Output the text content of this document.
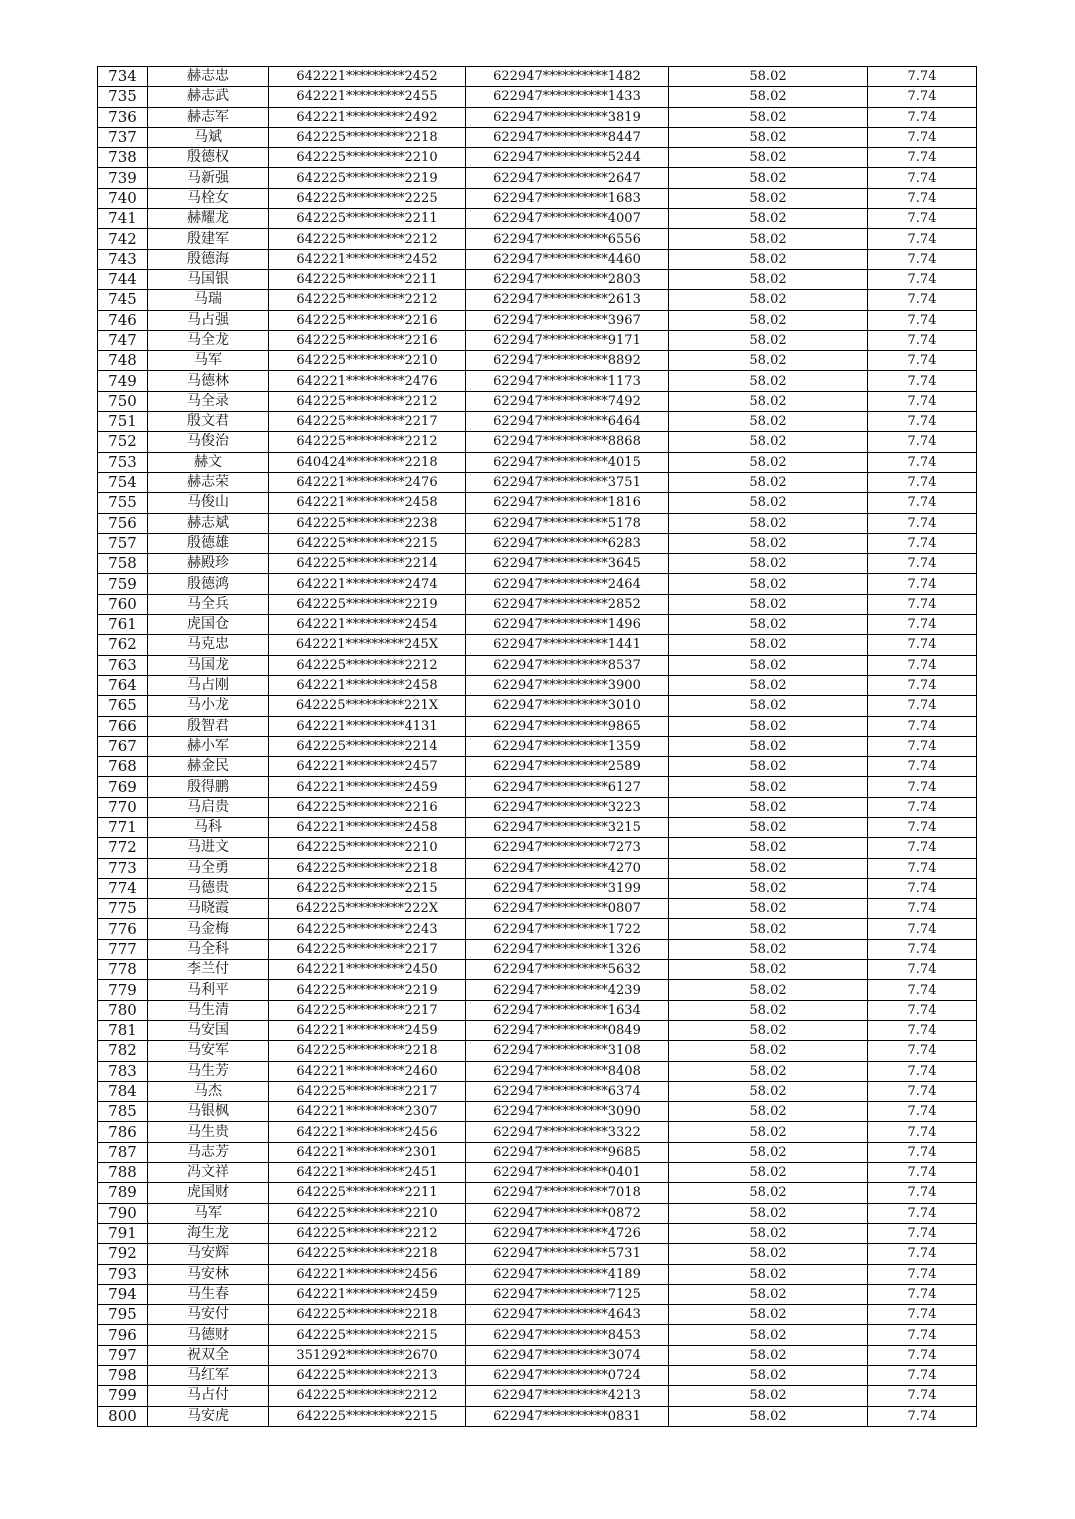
734	赫志忠	642221*********2452	622947**********1482	58.02	7.74
735	赫志武	642221*********2455	622947**********1433	58.02	7.74
736	赫志军	642221*********2492	622947**********3819	58.02	7.74
737	马斌	642225*********2218	622947**********8447	58.02	7.74
738	殷德权	642225*********2210	622947**********5244	58.02	7.74
739	马新强	642225*********2219	622947**********2647	58.02	7.74
740	马栓女	642225*********2225	622947**********1683	58.02	7.74
741	赫耀龙	642225*********2211	622947**********4007	58.02	7.74
742	殷建军	642225*********2212	622947**********6556	58.02	7.74
743	殷德海	642221*********2452	622947**********4460	58.02	7.74
744	马国银	642225*********2211	622947**********2803	58.02	7.74
745	马瑞	642225*********2212	622947**********2613	58.02	7.74
746	马占强	642225*********2216	622947**********3967	58.02	7.74
747	马全龙	642225*********2216	622947**********9171	58.02	7.74
748	马军	642225*********2210	622947**********8892	58.02	7.74
749	马德林	642221*********2476	622947**********1173	58.02	7.74
750	马全录	642225*********2212	622947**********7492	58.02	7.74
751	殷文君	642225*********2217	622947**********6464	58.02	7.74
752	马俊治	642225*********2212	622947**********8868	58.02	7.74
753	赫文	640424*********2218	622947**********4015	58.02	7.74
754	赫志荣	642221*********2476	622947**********3751	58.02	7.74
755	马俊山	642221*********2458	622947**********1816	58.02	7.74
756	赫志斌	642225*********2238	622947**********5178	58.02	7.74
757	殷德雄	642225*********2215	622947**********6283	58.02	7.74
758	赫殿珍	642225*********2214	622947**********3645	58.02	7.74
759	殷德鸿	642221*********2474	622947**********2464	58.02	7.74
760	马全兵	642225*********2219	622947**********2852	58.02	7.74
761	虎国仓	642221*********2454	622947**********1496	58.02	7.74
762	马克忠	642221*********245X	622947**********1441	58.02	7.74
763	马国龙	642225*********2212	622947**********8537	58.02	7.74
764	马占刚	642221*********2458	622947**********3900	58.02	7.74
765	马小龙	642225*********221X	622947**********3010	58.02	7.74
766	殷智君	642221*********4131	622947**********9865	58.02	7.74
767	赫小军	642225*********2214	622947**********1359	58.02	7.74
768	赫金民	642221*********2457	622947**********2589	58.02	7.74
769	殷得鹏	642221*********2459	622947**********6127	58.02	7.74
770	马启贵	642225*********2216	622947**********3223	58.02	7.74
771	马科	642221*********2458	622947**********3215	58.02	7.74
772	马进文	642225*********2210	622947**********7273	58.02	7.74
773	马全勇	642225*********2218	622947**********4270	58.02	7.74
774	马德贵	642225*********2215	622947**********3199	58.02	7.74
775	马晓霞	642225*********222X	622947**********0807	58.02	7.74
776	马金梅	642225*********2243	622947**********1722	58.02	7.74
777	马全科	642225*********2217	622947**********1326	58.02	7.74
778	李兰付	642221*********2450	622947**********5632	58.02	7.74
779	马利平	642225*********2219	622947**********4239	58.02	7.74
780	马生清	642225*********2217	622947**********1634	58.02	7.74
781	马安国	642221*********2459	622947**********0849	58.02	7.74
782	马安军	642225*********2218	622947**********3108	58.02	7.74
783	马生芳	642221*********2460	622947**********8408	58.02	7.74
784	马杰	642225*********2217	622947**********6374	58.02	7.74
785	马银枫	642221*********2307	622947**********3090	58.02	7.74
786	马生贵	642221*********2456	622947**********3322	58.02	7.74
787	马志芳	642221*********2301	622947**********9685	58.02	7.74
788	冯文祥	642221*********2451	622947**********0401	58.02	7.74
789	虎国财	642225*********2211	622947**********7018	58.02	7.74
790	马军	642225*********2210	622947**********0872	58.02	7.74
791	海生龙	642225*********2212	622947**********4726	58.02	7.74
792	马安辉	642225*********2218	622947**********5731	58.02	7.74
793	马安林	642221*********2456	622947**********4189	58.02	7.74
794	马生春	642221*********2459	622947**********7125	58.02	7.74
795	马安付	642225*********2218	622947**********4643	58.02	7.74
796	马德财	642225*********2215	622947**********8453	58.02	7.74
797	祝双全	351292*********2670	622947**********3074	58.02	7.74
798	马红军	642225*********2213	622947**********0724	58.02	7.74
799	马占付	642225*********2212	622947**********4213	58.02	7.74
800	马安虎	642225*********2215	622947**********0831	58.02	7.74
